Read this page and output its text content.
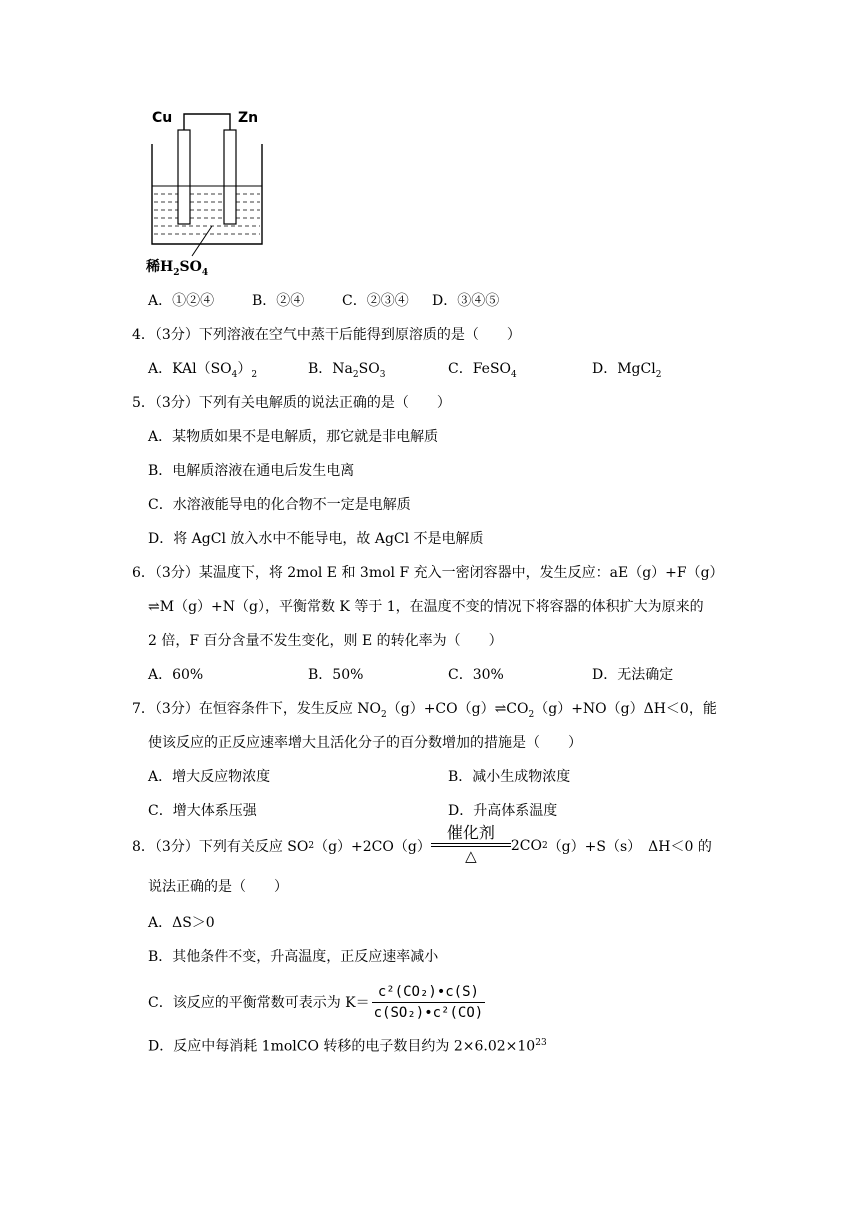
Cu	Zn
稀$H_2SO_4$
A．①②④	B．②④	C．②③④ D．③④⑤
4．（3分）下列溶液在空气中蒸干后能得到原溶质的是（　　）
A．$KAl(SO_4)_2$	B．$Na_2SO_3$	C．FeSO$_4$	D．MgCl$_2$
5．（3分）下列有关电解质的说法正确的是（　　）
A．某物质如果不是电解质，那它就是非电解质
B．电解质溶液在通电后发生电离
C．水溶液能导电的化合物不一定是电解质
D．将 AgCl 放入水中不能导电，故 AgCl 不是电解质
6．（3分）某温度下，将 2mol E 和 3mol F 充入一密闭容器中，发生反应：aE（g）+F（g）
⇌M（g）+N（g），平衡常数 K 等于 1，在温度不变的情况下将容器的体积扩大为原来的
2 倍，F 百分含量不发生变化，则 E 的转化率为（　　）
A．60%	B．50%	C．30%	D．无法确定
7．（3分）在恒容条件下，发生反应 $NO_2(g)+CO(g)\rightleftharpoons CO_2(g)+NO(g)\Delta H<0$，能
使该反应的正反应速率增大且活化分子的百分数增加的措施是（　　）
A．增大反应物浓度	B．减小生成物浓度
C．增大体系压强	D．升高体系温度
8．（3分）下列有关反应 SO 2 （g）+2CO（g）
催化剂
△
2CO 2 （g）+S（s）　ΔH＜0 的
说法正确的是（　　）
A．ΔS＞0
B．其他条件不变，升高温度，正反应速率减小
C．该反应的平衡常数可表示为 $K= \frac{\text{c²(CO₂)•c(S)}}{\text{c(SO₂)•c²(CO)}}$
D．反应中每消耗 1molCO 转移的电子数目约为 $2\times 6.02\times 10^{23}$
